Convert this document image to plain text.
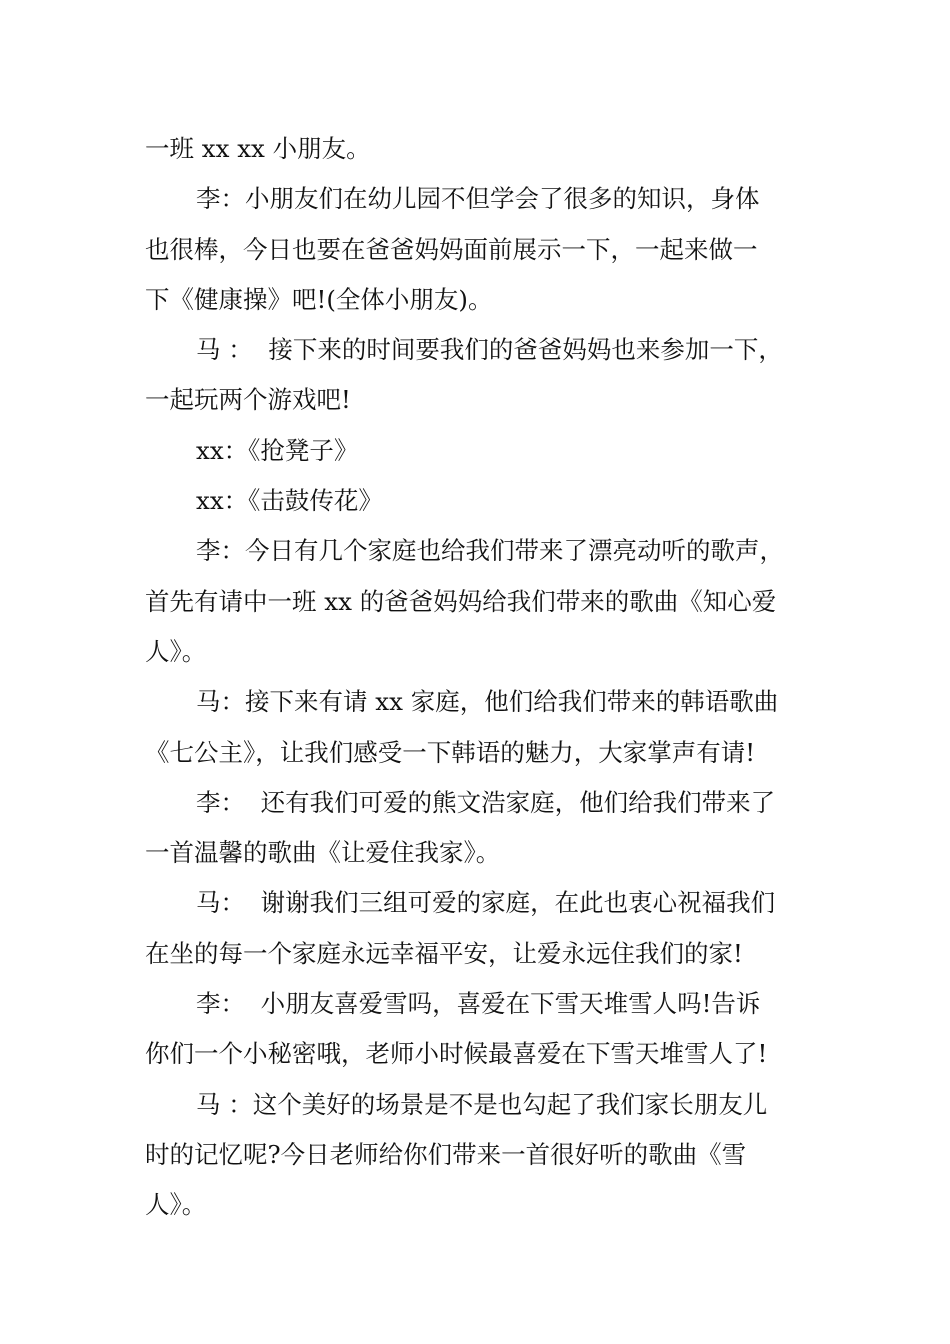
一班 xx xx 小朋友。
李：小朋友们在幼儿园不但学会了很多的知识，身体
也很棒，今日也要在爸爸妈妈面前展示一下，一起来做一
下《健康操》吧!(全体小朋友)。
马 ：  接下来的时间要我们的爸爸妈妈也来参加一下，
一起玩两个游戏吧!
xx：《抢凳子》
xx：《击鼓传花》
李：今日有几个家庭也给我们带来了漂亮动听的歌声，
首先有请中一班 xx 的爸爸妈妈给我们带来的歌曲《知心爱
人》。
马：接下来有请 xx 家庭，他们给我们带来的韩语歌曲
《七公主》，让我们感受一下韩语的魅力，大家掌声有请!
李：  还有我们可爱的熊文浩家庭，他们给我们带来了
一首温馨的歌曲《让爱住我家》。
马：  谢谢我们三组可爱的家庭，在此也衷心祝福我们
在坐的每一个家庭永远幸福平安，让爱永远住我们的家!
李：  小朋友喜爱雪吗，喜爱在下雪天堆雪人吗!告诉
你们一个小秘密哦，老师小时候最喜爱在下雪天堆雪人了!
马 ：这个美好的场景是不是也勾起了我们家长朋友儿
时的记忆呢?今日老师给你们带来一首很好听的歌曲《雪
人》。
